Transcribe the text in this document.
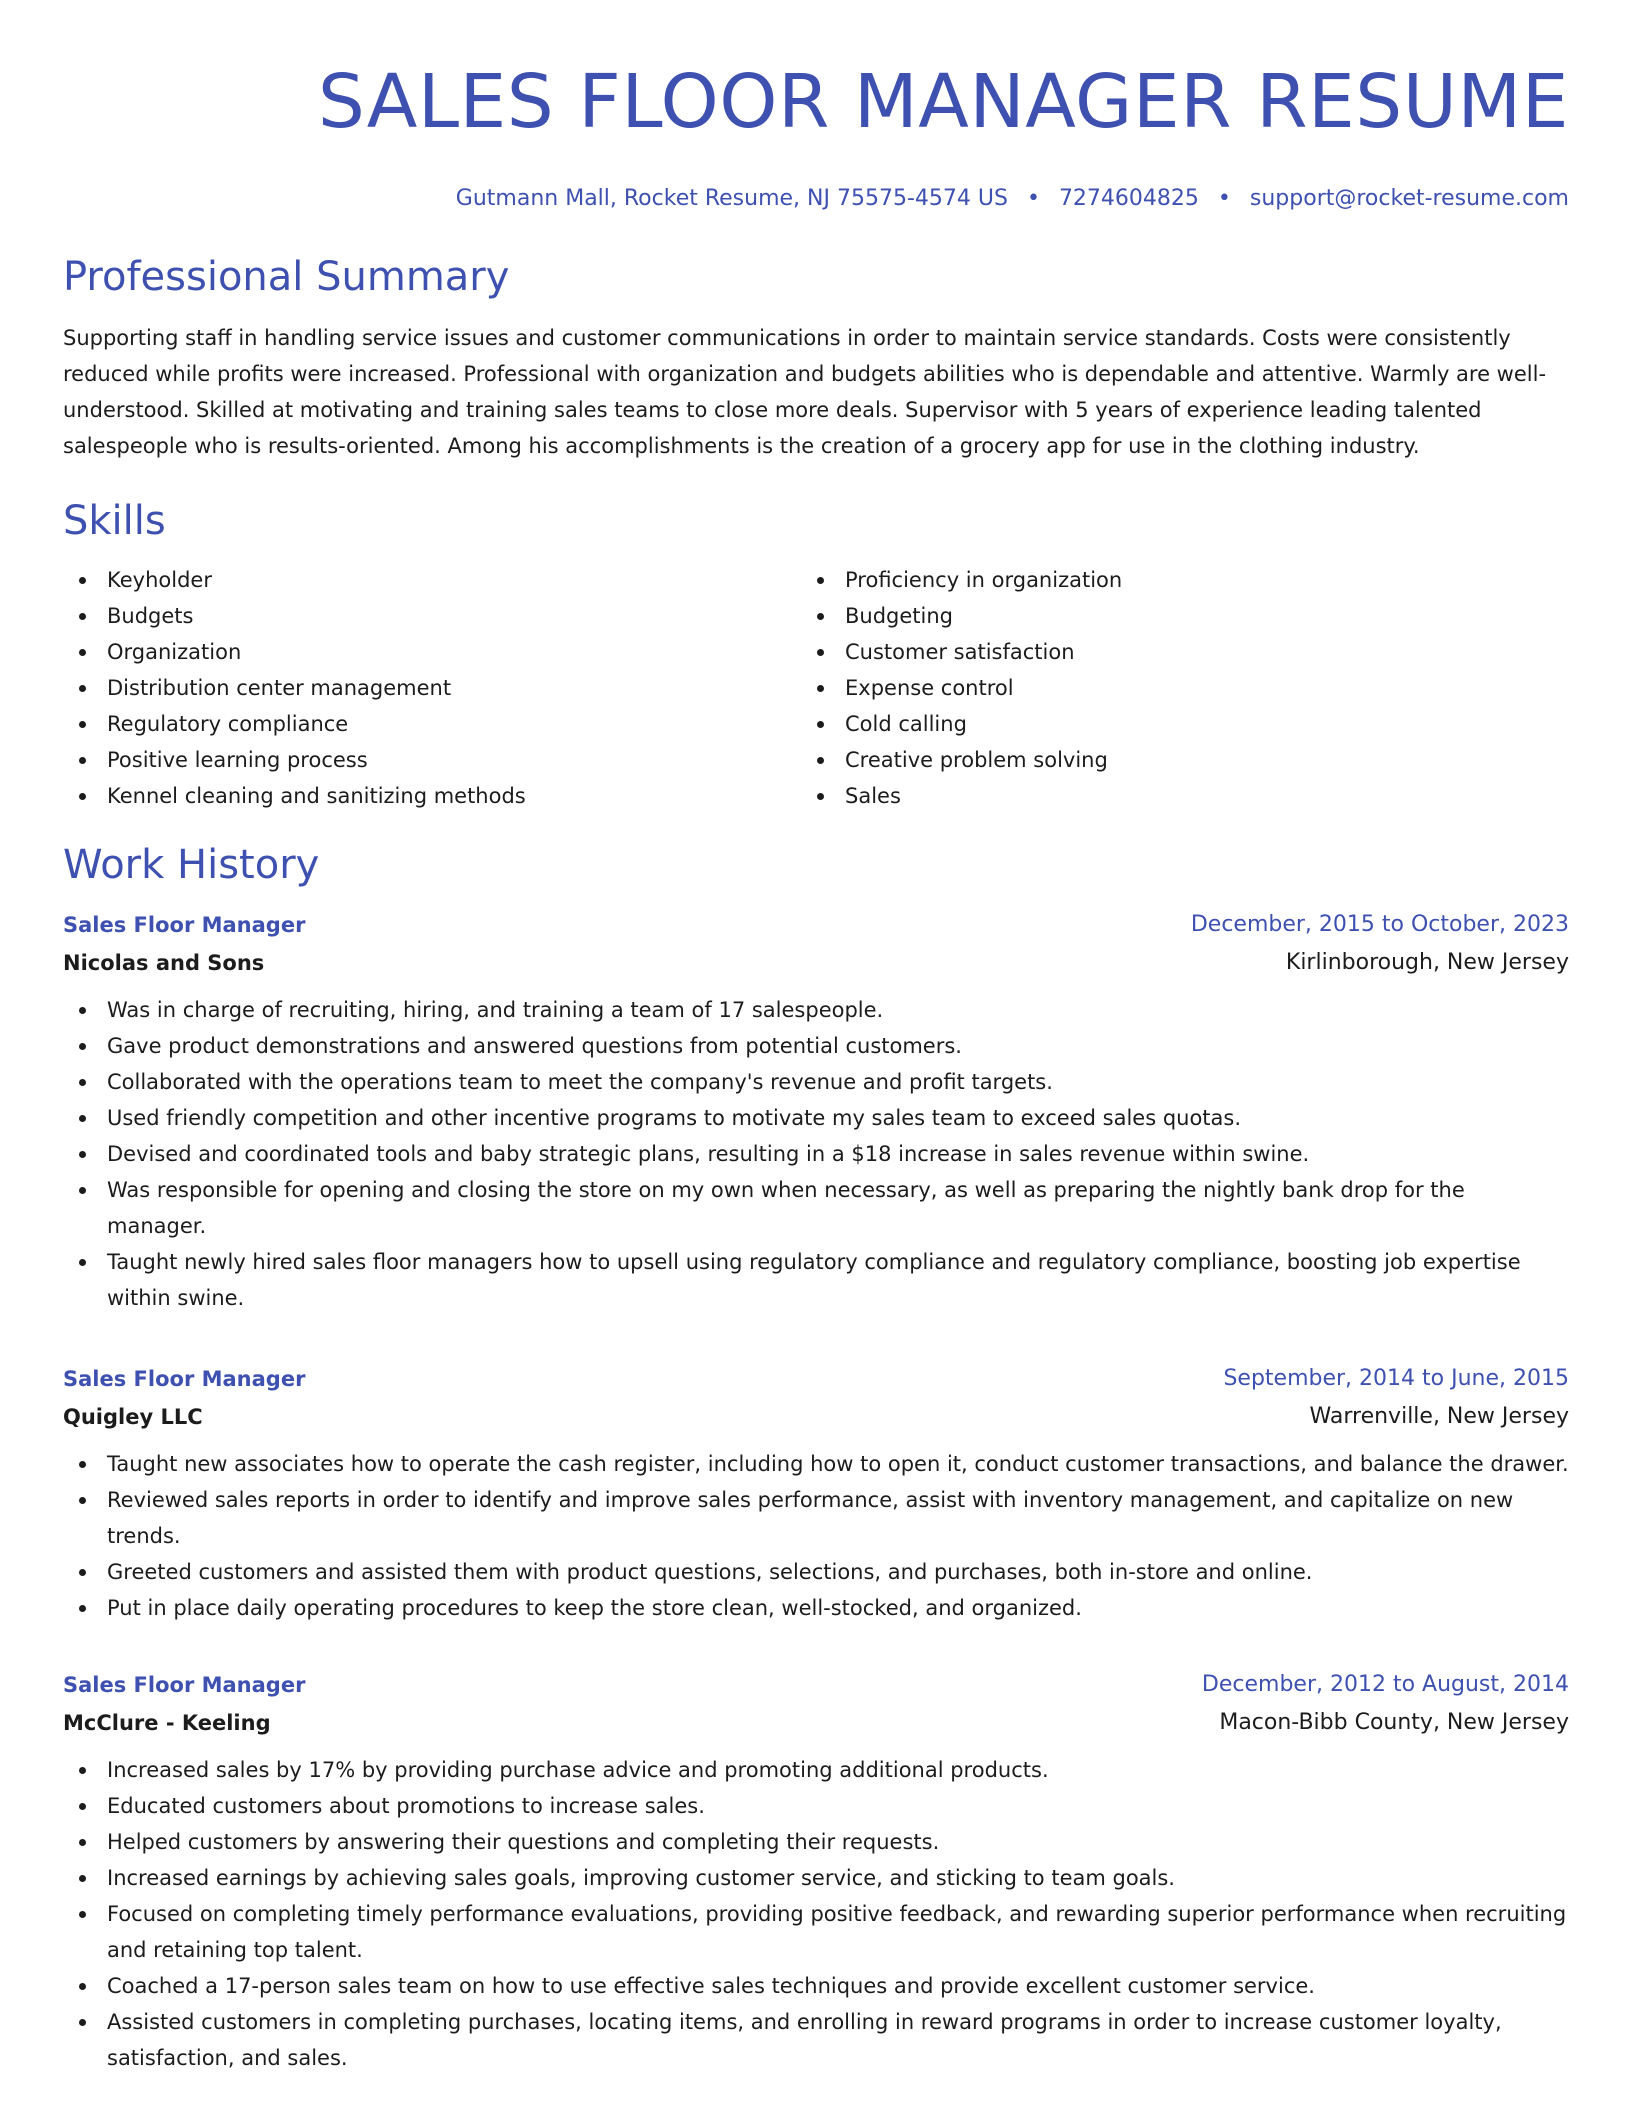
SALES FLOOR MANAGER RESUME
Gutmann Mall, Rocket Resume, NJ 75575-4574 US • 7274604825 • support@rocket-resume.com
Professional Summary

Supporting staff in handling service issues and customer communications in order to maintain service standards. Costs were consistently reduced while profits were increased. Professional with organization and budgets abilities who is dependable and attentive. Warmly are well-understood. Skilled at motivating and training sales teams to close more deals. Supervisor with 5 years of experience leading talented salespeople who is results-oriented. Among his accomplishments is the creation of a grocery app for use in the clothing industry.

Skills
Keyholder
Budgets
Organization
Distribution center management
Regulatory compliance
Positive learning process
Kennel cleaning and sanitizing methods
Proficiency in organization
Budgeting
Customer satisfaction
Expense control
Cold calling
Creative problem solving
Sales
Work History
Sales Floor Manager	December, 2015 to October, 2023
Nicolas and Sons	Kirlinborough, New Jersey
Was in charge of recruiting, hiring, and training a team of 17 salespeople.
Gave product demonstrations and answered questions from potential customers.
Collaborated with the operations team to meet the company's revenue and profit targets.
Used friendly competition and other incentive programs to motivate my sales team to exceed sales quotas.
Devised and coordinated tools and baby strategic plans, resulting in a $18 increase in sales revenue within swine.
Was responsible for opening and closing the store on my own when necessary, as well as preparing the nightly bank drop for the manager.
Taught newly hired sales floor managers how to upsell using regulatory compliance and regulatory compliance, boosting job expertise within swine.
Sales Floor Manager	September, 2014 to June, 2015
Quigley LLC	Warrenville, New Jersey
Taught new associates how to operate the cash register, including how to open it, conduct customer transactions, and balance the drawer.
Reviewed sales reports in order to identify and improve sales performance, assist with inventory management, and capitalize on new trends.
Greeted customers and assisted them with product questions, selections, and purchases, both in-store and online.
Put in place daily operating procedures to keep the store clean, well-stocked, and organized.
Sales Floor Manager	December, 2012 to August, 2014
McClure - Keeling	Macon-Bibb County, New Jersey
Increased sales by 17% by providing purchase advice and promoting additional products.
Educated customers about promotions to increase sales.
Helped customers by answering their questions and completing their requests.
Increased earnings by achieving sales goals, improving customer service, and sticking to team goals.
Focused on completing timely performance evaluations, providing positive feedback, and rewarding superior performance when recruiting and retaining top talent.
Coached a 17-person sales team on how to use effective sales techniques and provide excellent customer service.
Assisted customers in completing purchases, locating items, and enrolling in reward programs in order to increase customer loyalty, satisfaction, and sales.
